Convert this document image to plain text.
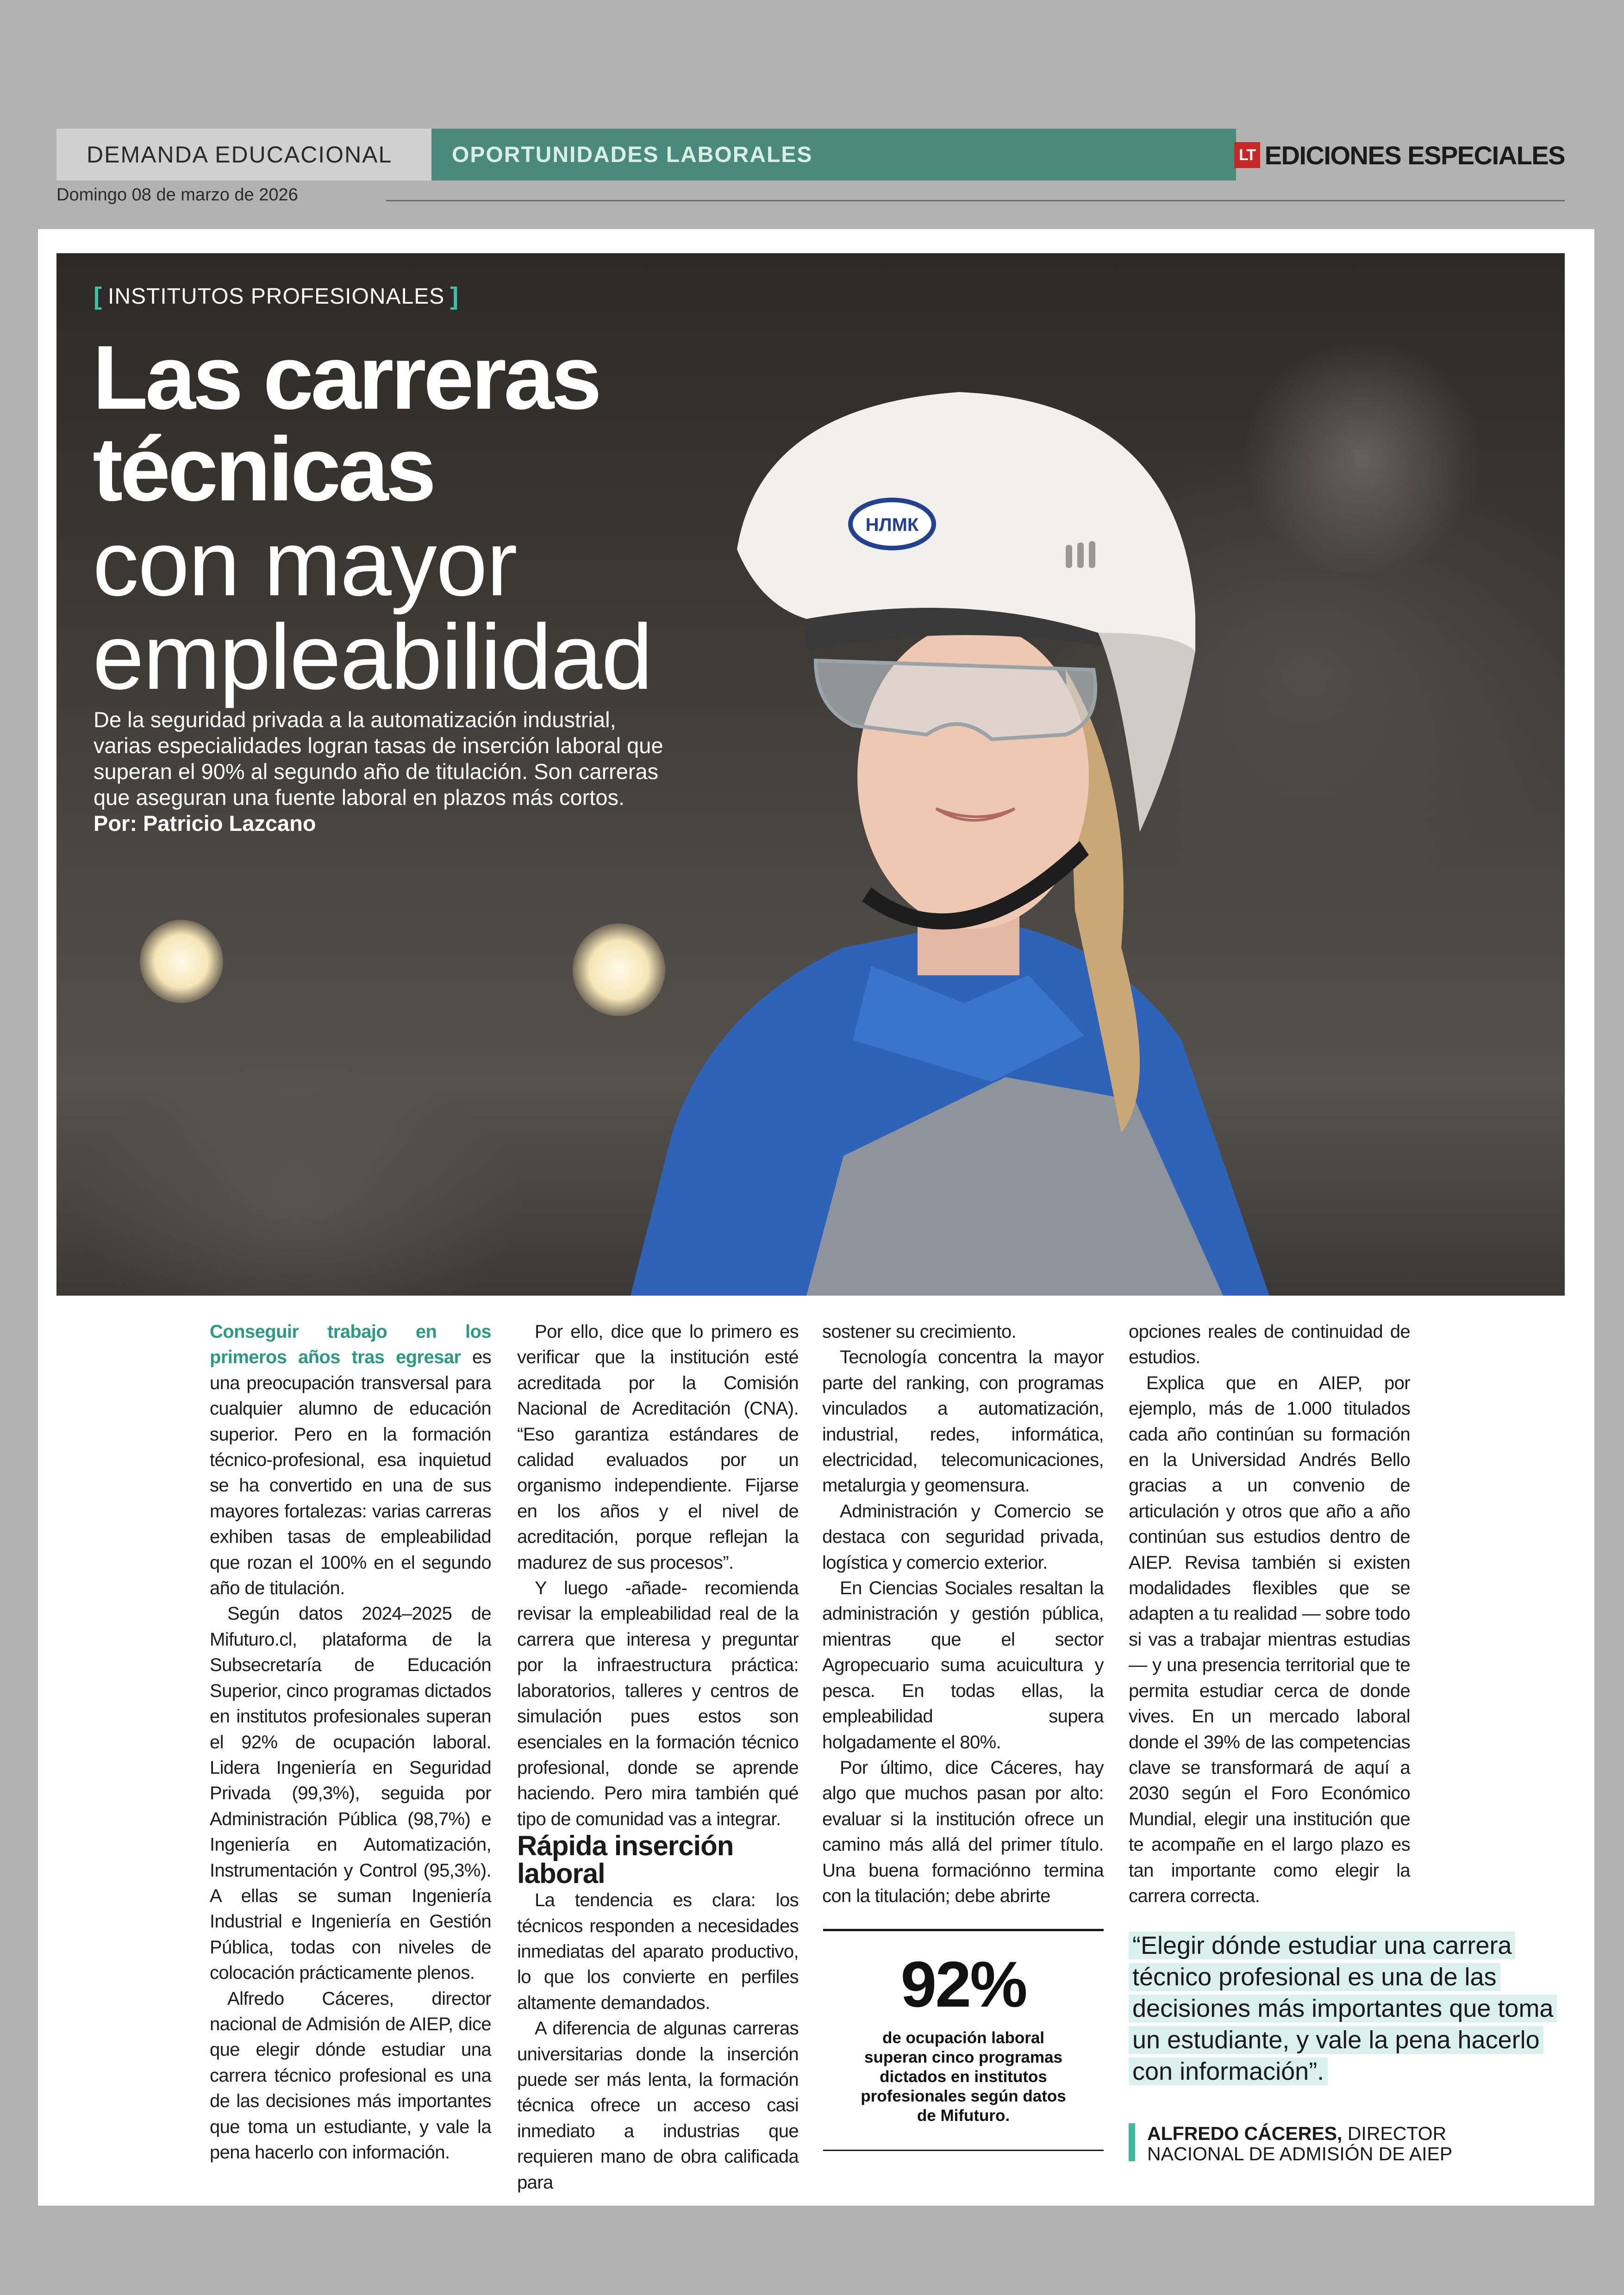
DEMANDA EDUCACIONAL	OPORTUNIDADES LABORALES	LT EDICIONES ESPECIALES
Domingo 08 de marzo de 2026
НЛМК
[ INSTITUTOS PROFESIONALES ]
Las carreras
técnicas
con mayor
empleabilidad
De la seguridad privada a la automatización industrial, varias especialidades logran tasas de inserción laboral que superan el 90% al segundo año de titulación. Son carreras que aseguran una fuente laboral en plazos más cortos. Por: Patricio Lazcano

Conseguir trabajo en los primeros años tras egresar es una preocupación transversal para cualquier alumno de educación superior. Pero en la formación técnico-profesional, esa inquietud se ha convertido en una de sus mayores fortalezas: varias carreras exhiben tasas de empleabilidad que rozan el 100% en el segundo año de titulación.

Según datos 2024–2025 de Mifuturo.cl, plataforma de la Subsecretaría de Educación Superior, cinco programas dictados en institutos profesionales superan el 92% de ocupación laboral. Lidera Ingeniería en Seguridad Privada (99,3%), seguida por Administración Pública (98,7%) e Ingeniería en Automatización, Instrumentación y Control (95,3%). A ellas se suman Ingeniería Industrial e Ingeniería en Gestión Pública, todas con niveles de colocación prácticamente plenos.

Alfredo Cáceres, director nacional de Admisión de AIEP, dice que elegir dónde estudiar una carrera técnico profesional es una de las decisiones más importantes que toma un estudiante, y vale la pena hacerlo con información.

Por ello, dice que lo primero es verificar que la institución esté acreditada por la Comisión Nacional de Acreditación (CNA). “Eso garantiza estándares de calidad evaluados por un organismo independiente. Fijarse en los años y el nivel de acreditación, porque reflejan la madurez de sus procesos”.

Y luego -añade- recomienda revisar la empleabilidad real de la carrera que interesa y preguntar por la infraestructura práctica: laboratorios, talleres y centros de simulación pues estos son esenciales en la formación técnico profesional, donde se aprende haciendo. Pero mira también qué tipo de comunidad vas a integrar.

Rápida inserción laboral

La tendencia es clara: los técnicos responden a necesidades inmediatas del aparato productivo, lo que los convierte en perfiles altamente demandados.

A diferencia de algunas carreras universitarias donde la inserción puede ser más lenta, la formación técnica ofrece un acceso casi inmediato a industrias que requieren mano de obra calificada para

sostener su crecimiento.

Tecnología concentra la mayor parte del ranking, con programas vinculados a automatización, industrial, redes, informática, electricidad, telecomunicaciones, metalurgia y geomensura.

Administración y Comercio se destaca con seguridad privada, logística y comercio exterior.

En Ciencias Sociales resaltan la administración y gestión pública, mientras que el sector Agropecuario suma acuicultura y pesca. En todas ellas, la empleabilidad supera holgadamente el 80%.

Por último, dice Cáceres, hay algo que muchos pasan por alto: evaluar si la institución ofrece un camino más allá del primer título. Una buena formaciónno termina con la titulación; debe abrirte

opciones reales de continuidad de estudios.

Explica que en AIEP, por ejemplo, más de 1.000 titulados cada año continúan su formación en la Universidad Andrés Bello gracias a un convenio de articulación y otros que año a año continúan sus estudios dentro de AIEP. Revisa también si existen modalidades flexibles que se adapten a tu realidad — sobre todo si vas a trabajar mientras estudias — y una presencia territorial que te permita estudiar cerca de donde vives. En un mercado laboral donde el 39% de las competencias clave se transformará de aquí a 2030 según el Foro Económico Mundial, elegir una institución que te acompañe en el largo plazo es tan importante como elegir la carrera correcta.

92%
de ocupación laboral superan cinco programas dictados en institutos profesionales según datos de Mifuturo.
“Elegir dónde estudiar una carrera técnico profesional es una de las decisiones más importantes que toma un estudiante, y vale la pena hacerlo con información”.
ALFREDO CÁCERES, DIRECTOR
NACIONAL DE ADMISIÓN DE AIEP
